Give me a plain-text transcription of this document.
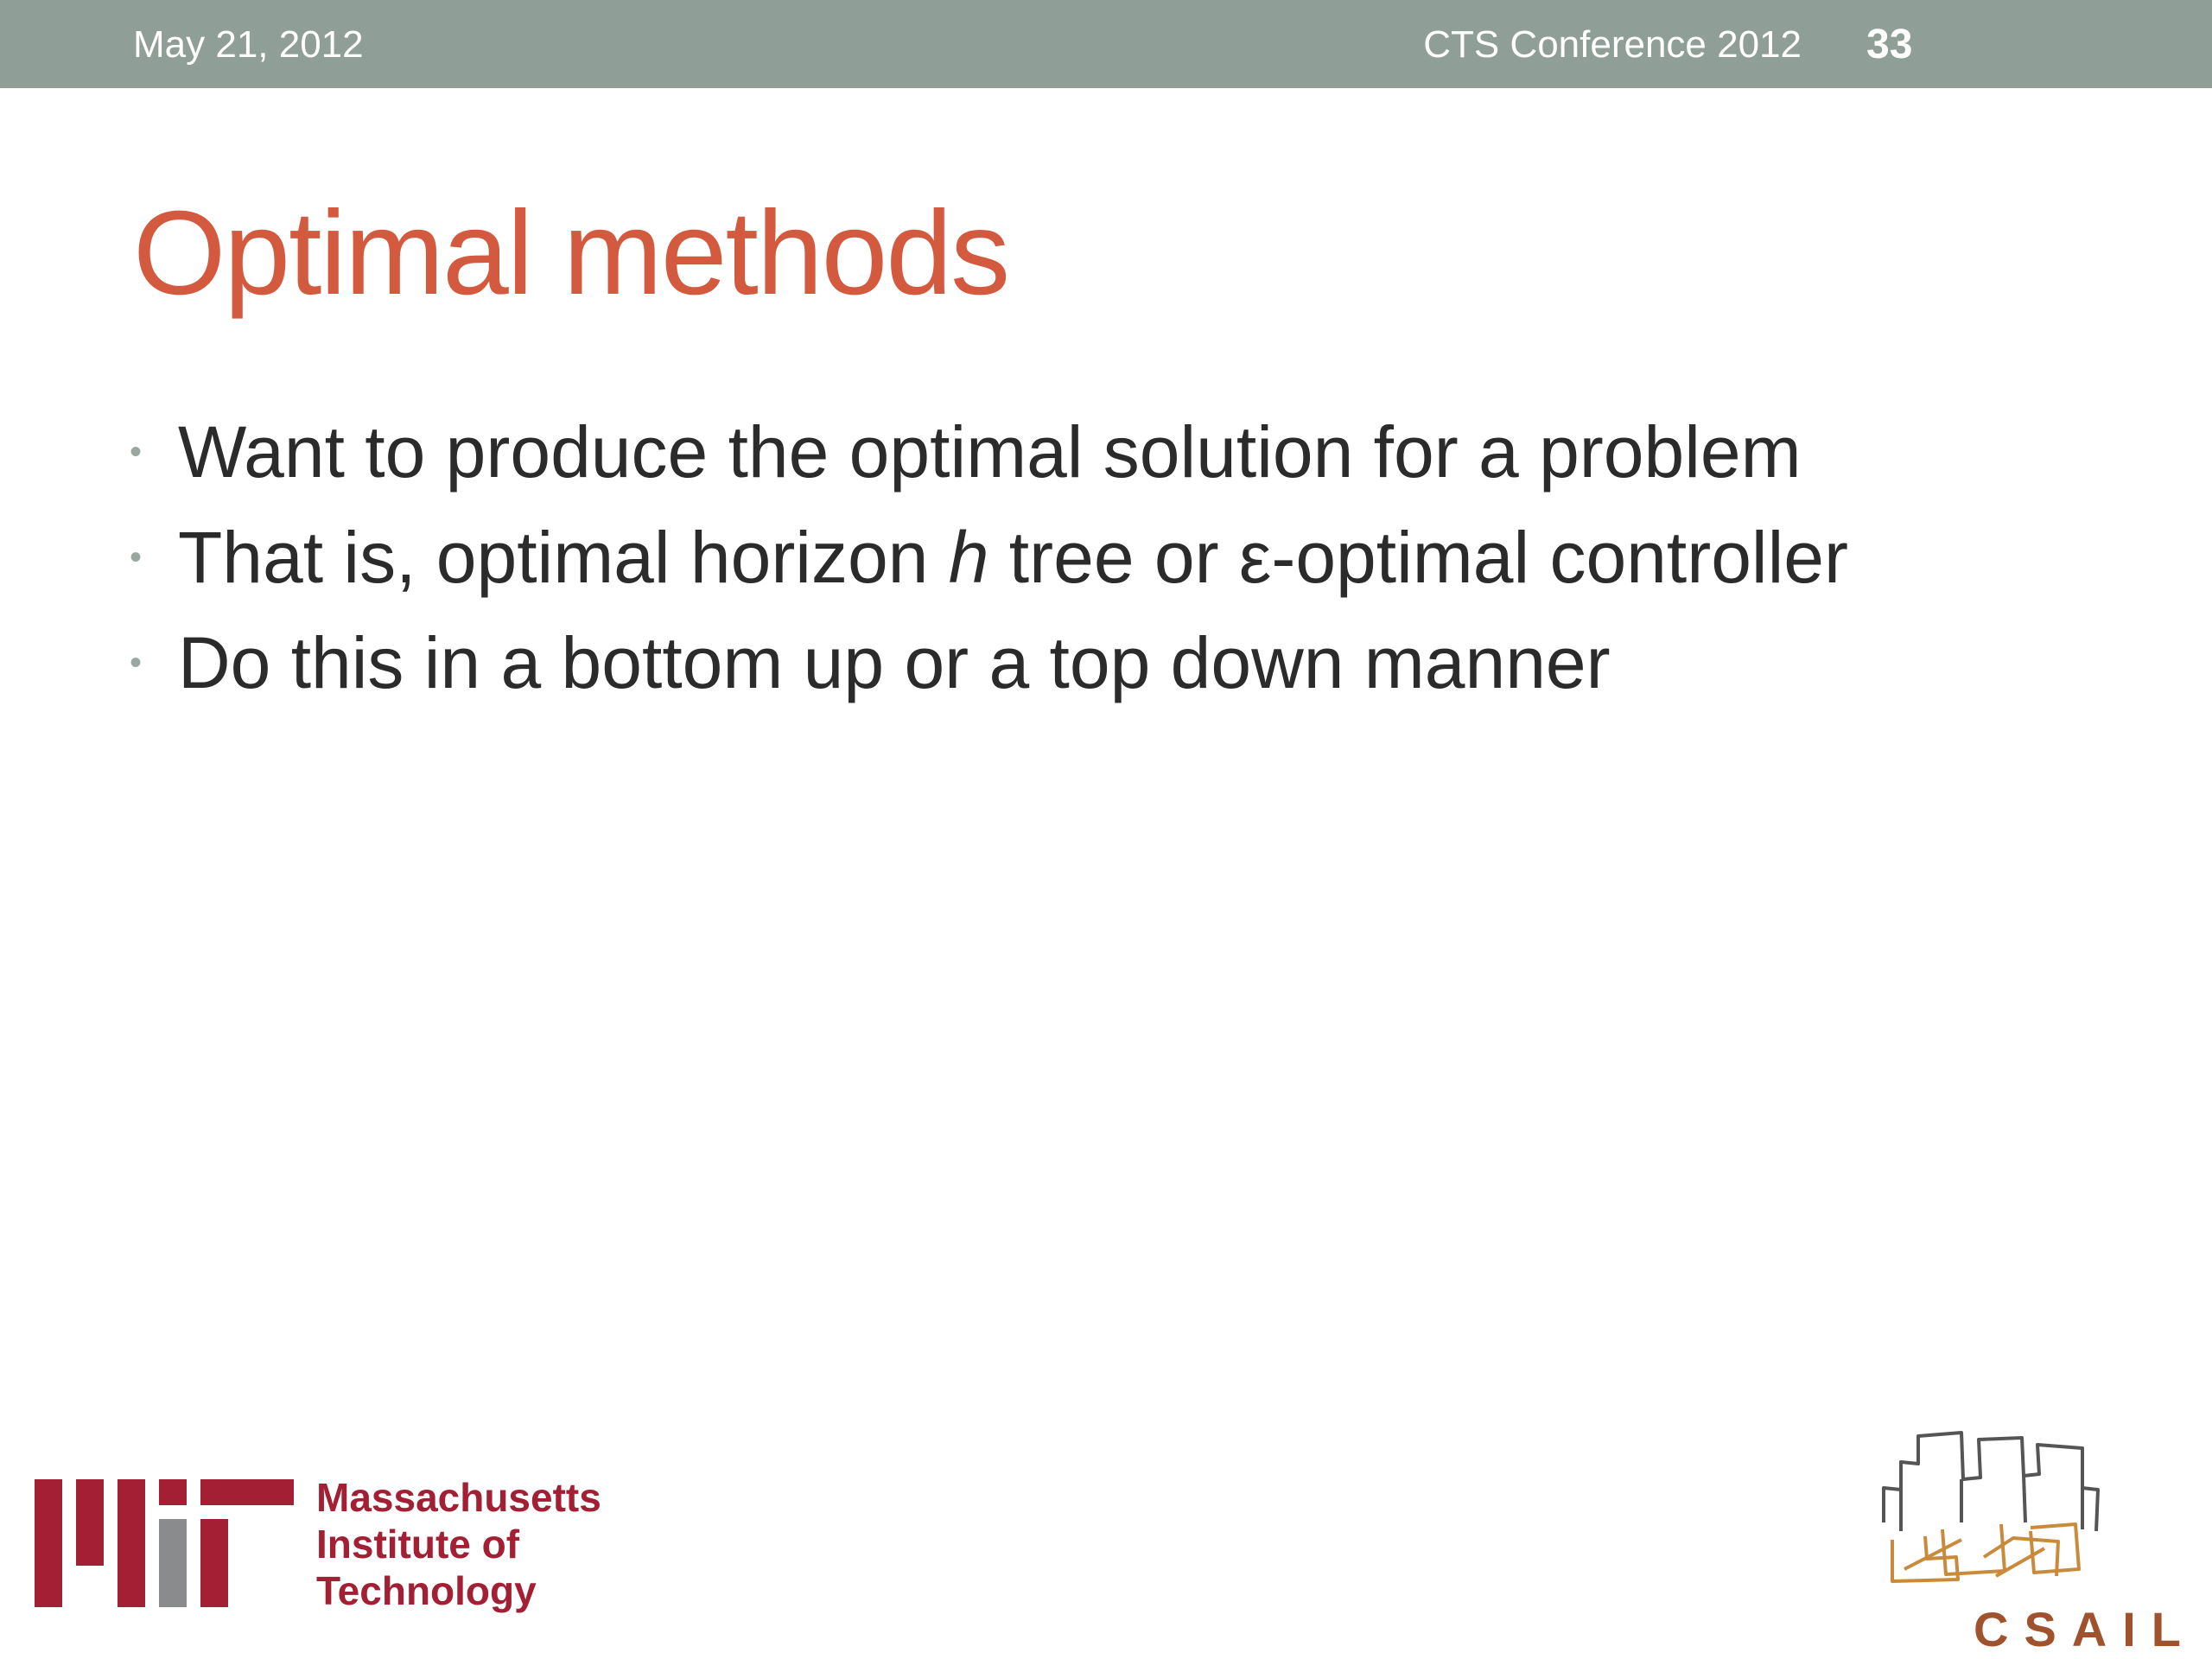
May 21, 2012	CTS Conference 2012 33
Optimal methods
• Want to produce the optimal solution for a problem
• That is, optimal horizon h tree or ε-optimal controller
• Do this in a bottom up or a top down manner
Massachusetts
Institute of
Technology
CSAIL
